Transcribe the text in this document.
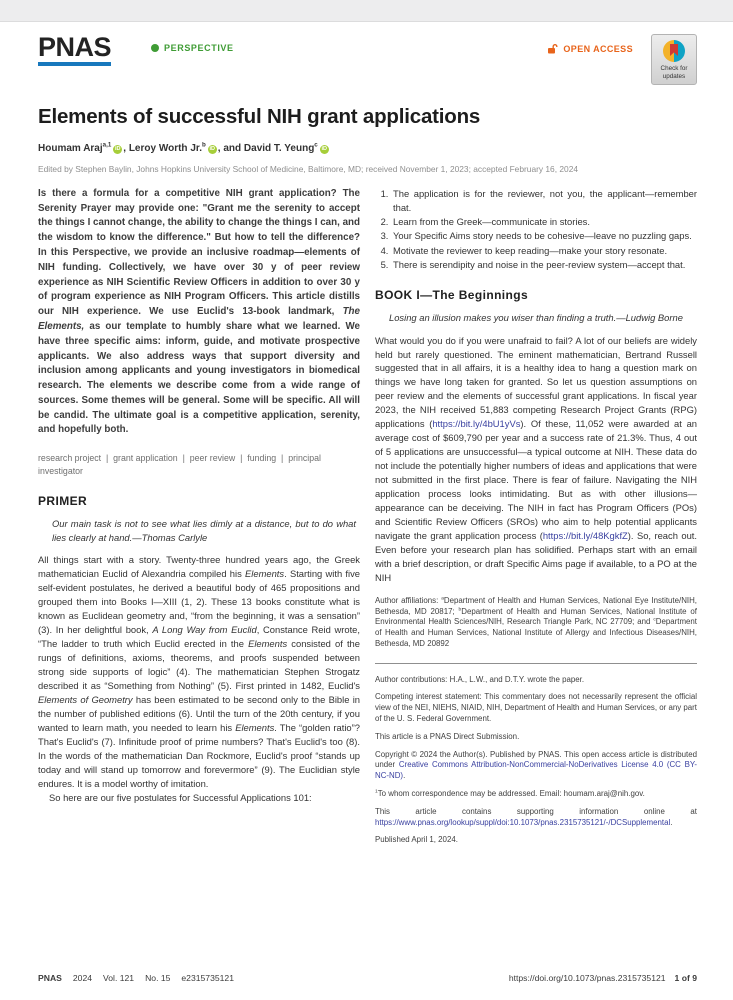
PNAS	PERSPECTIVE	OPEN ACCESS
Check for updates
Elements of successful NIH grant applications
Houmam Araj$^{a,1}$iD , Leroy Worth Jr.$^b$iD , and David T. Yeung$^c$iD
Edited by Stephen Baylin, Johns Hopkins University School of Medicine, Baltimore, MD; received November 1, 2023; accepted February 16, 2024

Is there a formula for a competitive NIH grant application? The Serenity Prayer may provide one: "Grant me the serenity to accept the things I cannot change, the ability to change the things I can, and the wisdom to know the difference." But how to tell the difference? In this Perspective, we provide an inclusive roadmap—elements of NIH funding. Collectively, we have over 30 y of peer review experience as NIH Scientific Review Officers in addition to over 30 y of program experience as NIH Program Officers. This article distills our NIH experience. We use Euclid's 13-book landmark, The Elements, as our template to humbly share what we learned. We have three specific aims: inform, guide, and motivate prospective applicants. We also address ways that support diversity and inclusion among applicants and young investigators in biomedical research. The elements we describe come from a wide range of sources. Some themes will be general. Some will be specific. All will be candid. The ultimate goal is a competitive application, serenity, and hopefully both.

research project  |  grant application  |  peer review  |  funding  |  principal investigator
PRIMER

Our main task is not to see what lies dimly at a distance, but to do what lies clearly at hand.—Thomas Carlyle

All things start with a story. Twenty-three hundred years ago, the Greek mathematician Euclid of Alexandria compiled his Elements. Starting with five self-evident postulates, he derived a beautiful body of 465 propositions and grouped them into Books I—XIII (1, 2). These 13 books constitute what is known as Euclidean geometry and, “from the beginning, it was a sensation” (3). In her delightful book, A Long Way from Euclid, Constance Reid wrote, “The ladder to truth which Euclid erected in the Elements consisted of the rungs of definitions, axioms, theorems, and proofs suspended between strong side supports of logic” (4). The mathematician Stephen Strogatz described it as “Something from Nothing” (5). First printed in 1482, Euclid's Elements of Geometry has been estimated to be second only to the Bible in the number of published editions (6). Until the turn of the 20th century, if you wanted to learn math, you needed to learn his Elements. The “golden ratio”? That's Euclid's (7). Infinitude proof of prime numbers? That's Euclid's too (8). In the words of the mathematician Dan Rockmore, Euclid's proof “stands up today and will stand up tomorrow and forevermore” (9). The Euclidian style endures. It is a model worthy of imitation.

So here are our five postulates for Successful Applications 101:

1. The application is for the reviewer, not you, the applicant—remember that.
2. Learn from the Greek—communicate in stories.
3. Your Specific Aims story needs to be cohesive—leave no puzzling gaps.
4. Motivate the reviewer to keep reading—make your story resonate.
5. There is serendipity and noise in the peer-review system—accept that.
BOOK I—The Beginnings

Losing an illusion makes you wiser than finding a truth.—Ludwig Borne

What would you do if you were unafraid to fail? A lot of our beliefs are widely held but rarely questioned. The eminent mathematician, Bertrand Russell suggested that in all affairs, it is a healthy idea to hang a question mark on things we have long taken for granted. So let us question assumptions on peer review and the elements of successful grant applications. In fiscal year 2023, the NIH received 51,883 competing Research Project Grants (RPG) applications (https://bit.ly/4bU1yVs). Of these, 11,052 were awarded at an average cost of $609,790 per year and a success rate of 21.3%. Thus, 4 out of 5 applications are unsuccessful—a typical outcome at NIH. These data do not include the potentially higher numbers of ideas and applications that were not submitted in the first place. There is fear of failure. Navigating the NIH application process looks intimidating. But as with other illusions—appearance can be deceiving. The NIH in fact has Program Officers (POs) and Scientific Review Officers (SROs) who aim to help potential applicants navigate the grant application process (https://bit.ly/48KgkfZ). So, reach out. Even before your research plan has solidified. Perhaps start with an email with a brief description, or draft Specific Aims page if available, to a PO at the NIH

Author affiliations: $^a$Department of Health and Human Services, National Eye Institute/NIH, Bethesda, MD 20817; $^b$Department of Health and Human Services, National Institute of Environmental Health Sciences/NIH, Research Triangle Park, NC 27709; and $^c$Department of Health and Human Services, National Institute of Allergy and Infectious Diseases/NIH, Bethesda, MD 20892

Author contributions: H.A., L.W., and D.T.Y. wrote the paper.

Competing interest statement: This commentary does not necessarily represent the official view of the NEI, NIEHS, NIAID, NIH, Department of Health and Human Services, or any part of the U. S. Federal Government.

This article is a PNAS Direct Submission.

Copyright © 2024 the Author(s). Published by PNAS. This open access article is distributed under Creative Commons Attribution-NonCommercial-NoDerivatives License 4.0 (CC BY-NC-ND).

$^1$To whom correspondence may be addressed. Email: houmam.araj@nih.gov.

This article contains supporting information online at https://www.pnas.org/lookup/suppl/doi:10.1073/pnas.2315735121/-/DCSupplemental.

Published April 1, 2024.

PNAS 2024 Vol. 121 No. 15 e2315735121	https://doi.org/10.1073/pnas.2315735121 1 of 9
